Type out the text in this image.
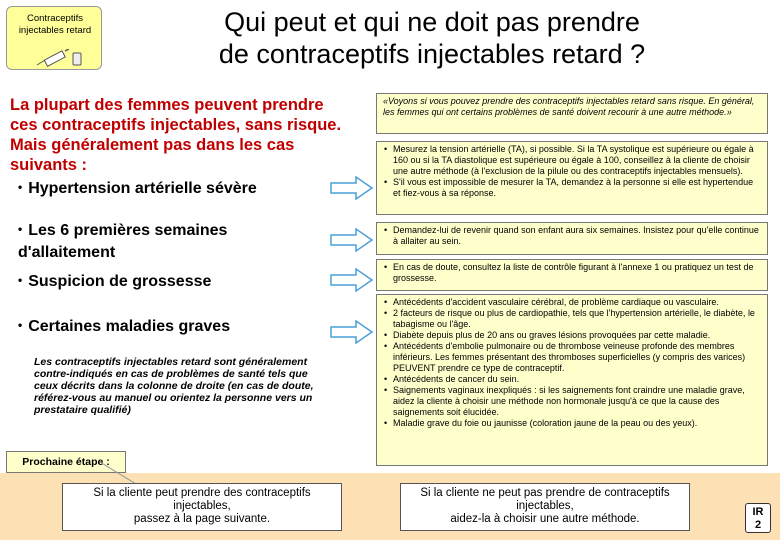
Contraceptifs
injectables retard	Qui peut et qui ne doit pas prendre
de contraceptifs injectables retard ?
La plupart des femmes peuvent prendre
ces contraceptifs injectables, sans risque.
Mais généralement pas dans les cas
suivants :
• Hypertension artérielle sévère
• Les 6 premières semaines
d'allaitement
• Suspicion de grossesse
• Certaines maladies graves
Les contraceptifs injectables retard sont généralement contre-indiqués en cas de problèmes de santé tels que ceux décrits dans la colonne de droite (en cas de doute, référez-vous au manuel ou orientez la personne vers un prestataire qualifié)
«Voyons si vous pouvez prendre des contraceptifs injectables retard sans risque. En général, les femmes qui ont certains problèmes de santé doivent recourir à une autre méthode.»
• Mesurez la tension artérielle (TA), si possible. Si la TA systolique est supérieure ou égale à 160 ou si la TA diastolique est supérieure ou égale à 100, conseillez à la cliente de choisir une autre méthode (à l'exclusion de la pilule ou des contraceptifs injectables mensuels).
• S'il vous est impossible de mesurer la TA, demandez à la personne si elle est hypertendue et fiez-vous à sa réponse.
• Demandez-lui de revenir quand son enfant aura six semaines. Insistez pour qu'elle continue à allaiter au sein.
• En cas de doute, consultez la liste de contrôle figurant à l'annexe 1 ou pratiquez un test de grossesse.
• Antécédents d'accident vasculaire cérébral, de problème cardiaque ou vasculaire.
• 2 facteurs de risque ou plus de cardiopathie, tels que l'hypertension artérielle, le diabète, le tabagisme ou l'âge.
• Diabète depuis plus de 20 ans ou graves lésions provoquées par cette maladie.
• Antécédents d'embolie pulmonaire ou de thrombose veineuse profonde des membres inférieurs. Les femmes présentant des thromboses superficielles (y compris des varices) PEUVENT prendre ce type de contraceptif.
• Antécédents de cancer du sein.
• Saignements vaginaux inexpliqués : si les saignements font craindre une maladie grave, aidez la cliente à choisir une méthode non hormonale jusqu'à ce que la cause des saignements soit élucidée.
• Maladie grave du foie ou jaunisse (coloration jaune de la peau ou des yeux).
Prochaine étape :
Si la cliente peut prendre des contraceptifs injectables,
passez à la page suivante.
Si la cliente ne peut pas prendre de contraceptifs injectables,
aidez-la à choisir une autre méthode.
IR
2
